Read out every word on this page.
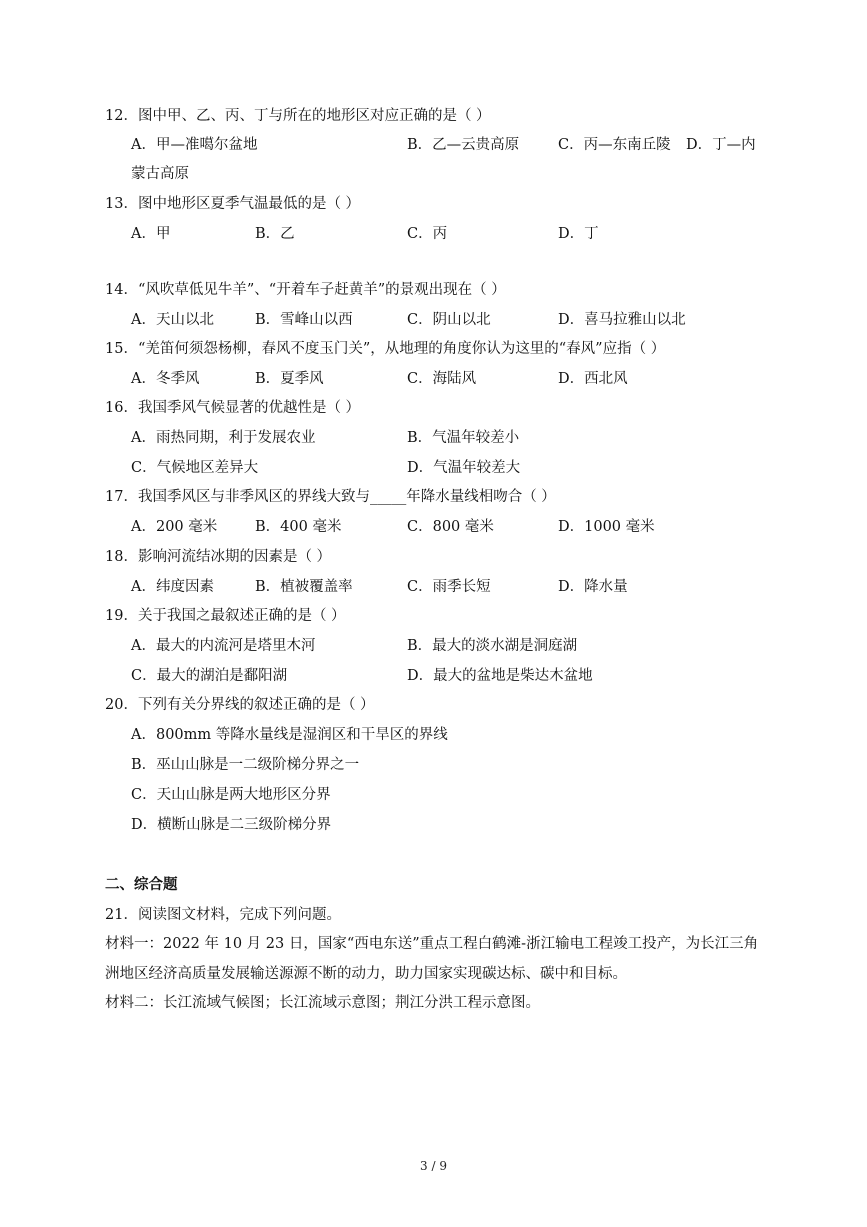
12．图中甲、乙、丙、丁与所在的地形区对应正确的是（ ）
A．甲—准噶尔盆地	B．乙—云贵高原	C．丙—东南丘陵 D．丁—内
蒙古高原
13．图中地形区夏季气温最低的是（ ）
A．甲	B．乙	C．丙	D．丁
14．“风吹草低见牛羊”、“开着车子赶黄羊”的景观出现在（ ）
A．天山以北	B．雪峰山以西	C．阴山以北	D．喜马拉雅山以北
15．“羌笛何须怨杨柳，春风不度玉门关”，从地理的角度你认为这里的“春风”应指（ ）
A．冬季风	B．夏季风	C．海陆风	D．西北风
16．我国季风气候显著的优越性是（ ）
A．雨热同期，利于发展农业	B．气温年较差小
C．气候地区差异大	D．气温年较差大
17．我国季风区与非季风区的界线大致与_____年降水量线相吻合（ ）
A．200 毫米	B．400 毫米	C．800 毫米	D．1000 毫米
18．影响河流结冰期的因素是（ ）
A．纬度因素	B．植被覆盖率	C．雨季长短	D．降水量
19．关于我国之最叙述正确的是（ ）
A．最大的内流河是塔里木河	B．最大的淡水湖是洞庭湖
C．最大的湖泊是鄱阳湖	D．最大的盆地是柴达木盆地
20．下列有关分界线的叙述正确的是（ ）
A．800mm 等降水量线是湿润区和干旱区的界线
B．巫山山脉是一二级阶梯分界之一
C．天山山脉是两大地形区分界
D．横断山脉是二三级阶梯分界
二、综合题
21．阅读图文材料，完成下列问题。
材料一：2022 年 10 月 23 日，国家“西电东送”重点工程白鹤滩-浙江输电工程竣工投产，为长江三角洲地区经济高质量发展输送源源不断的动力，助力国家实现碳达标、碳中和目标。
材料二：长江流域气候图；长江流域示意图；荆江分洪工程示意图。
3 / 9
